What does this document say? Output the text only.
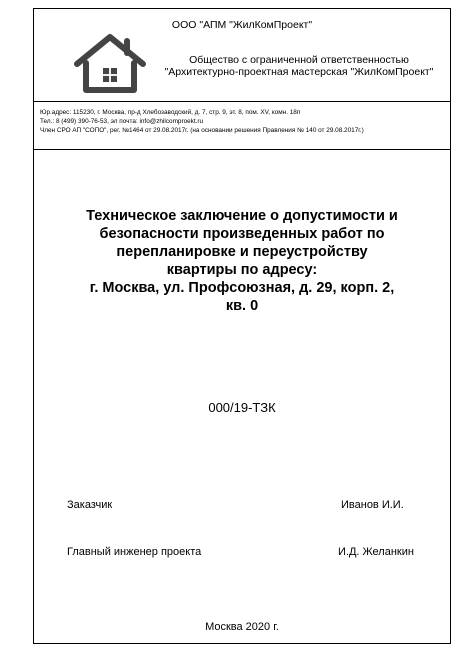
ООО "АПМ "ЖилКомПроект"
Общество с ограниченной ответственностью
"Архитектурно-проектная мастерская "ЖилКомПроект"
Юр.адрес: 115230, г. Москва, пр-д Хлебозаводский, д. 7, стр. 9, эт. 8, пом. XV, комн. 18п
Тел.: 8 (499) 390-76-53, эл почта: info@zhilcomproekt.ru
Член СРО АП "СОПО", рег. №1464 от 29.08.2017г. (на основании решения Правления № 140 от 29.08.2017г.)
Техническое заключение о допустимости и
безопасности произведенных работ по
перепланировке и переустройству
квартиры по адресу:
г. Москва, ул. Профсоюзная, д. 29, корп. 2,
кв. 0
000/19-ТЗК
Заказчик	Иванов И.И.
Главный инженер проекта	И.Д. Желанкин
Москва 2020 г.
